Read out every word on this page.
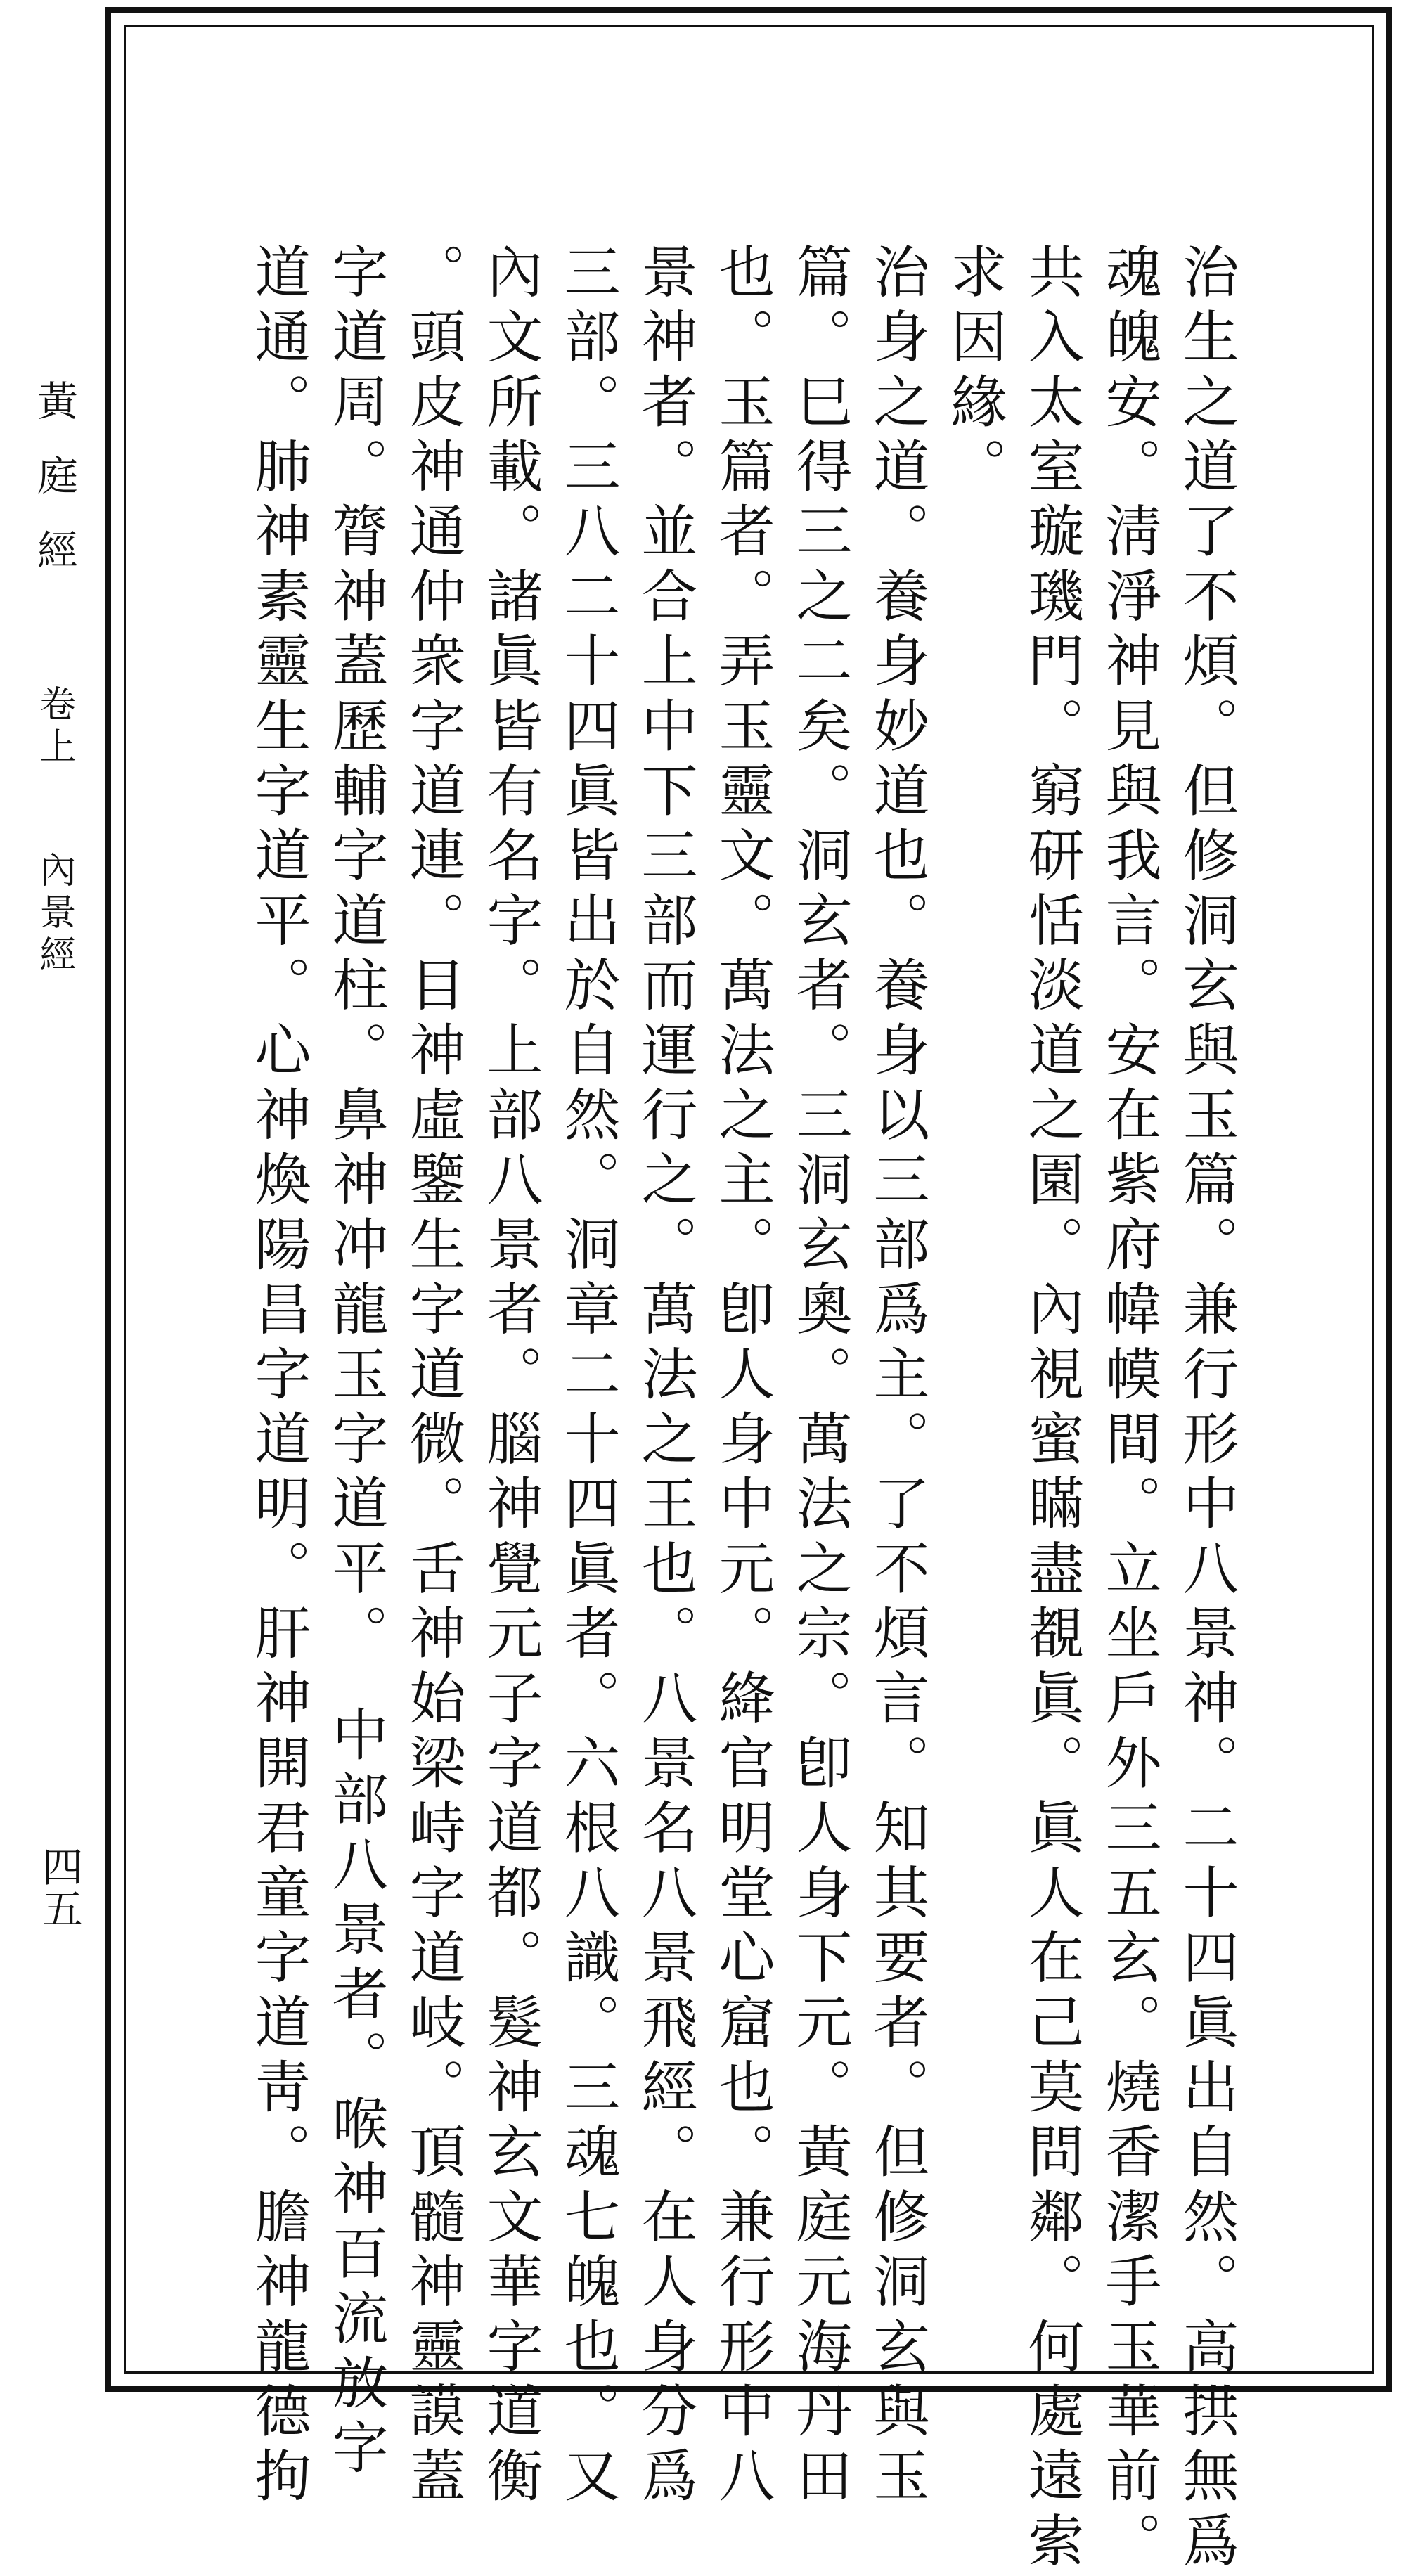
黃庭經 卷上 內景經
四五	治生之道了不煩。但修洞玄與玉篇。兼行形中八景神。二十四眞出自然。高拱無爲
魂魄安。淸淨神見與我言。安在紫府幃幙間。立坐戶外三五玄。燒香潔手玉華前。
共入太室璇璣門。窮研恬淡道之園。內視蜜瞞盡覩眞。眞人在己莫問鄰。何處遠索
求因緣。
治身之道。養身妙道也。養身以三部爲主。了不煩言。知其要者。但修洞玄與玉
篇。巳得三之二矣。洞玄者。三洞玄奧。萬法之宗。卽人身下元。黃庭元海丹田
也。玉篇者。弄玉靈文。萬法之主。卽人身中元。絳官明堂心窟也。兼行形中八
景神者。並合上中下三部而運行之。萬法之王也。八景名八景飛經。在人身分爲
三部。三八二十四眞皆出於自然。洞章二十四眞者。六根八識。三魂七魄也。又
內文所載。諸眞皆有名字。上部八景者。腦神覺元子字道都。髮神玄文華字道衡
。頭皮神通仲衆字道連。目神虛鑒生字道微。舌神始梁峙字道岐。頂髓神靈謨蓋
字道周。膂神蓋歷輔字道柱。鼻神冲龍玉字道平。　中部八景者。喉神百流放字
道通。肺神素靈生字道平。心神煥陽昌字道明。肝神開君童字道靑。膽神龍德拘
